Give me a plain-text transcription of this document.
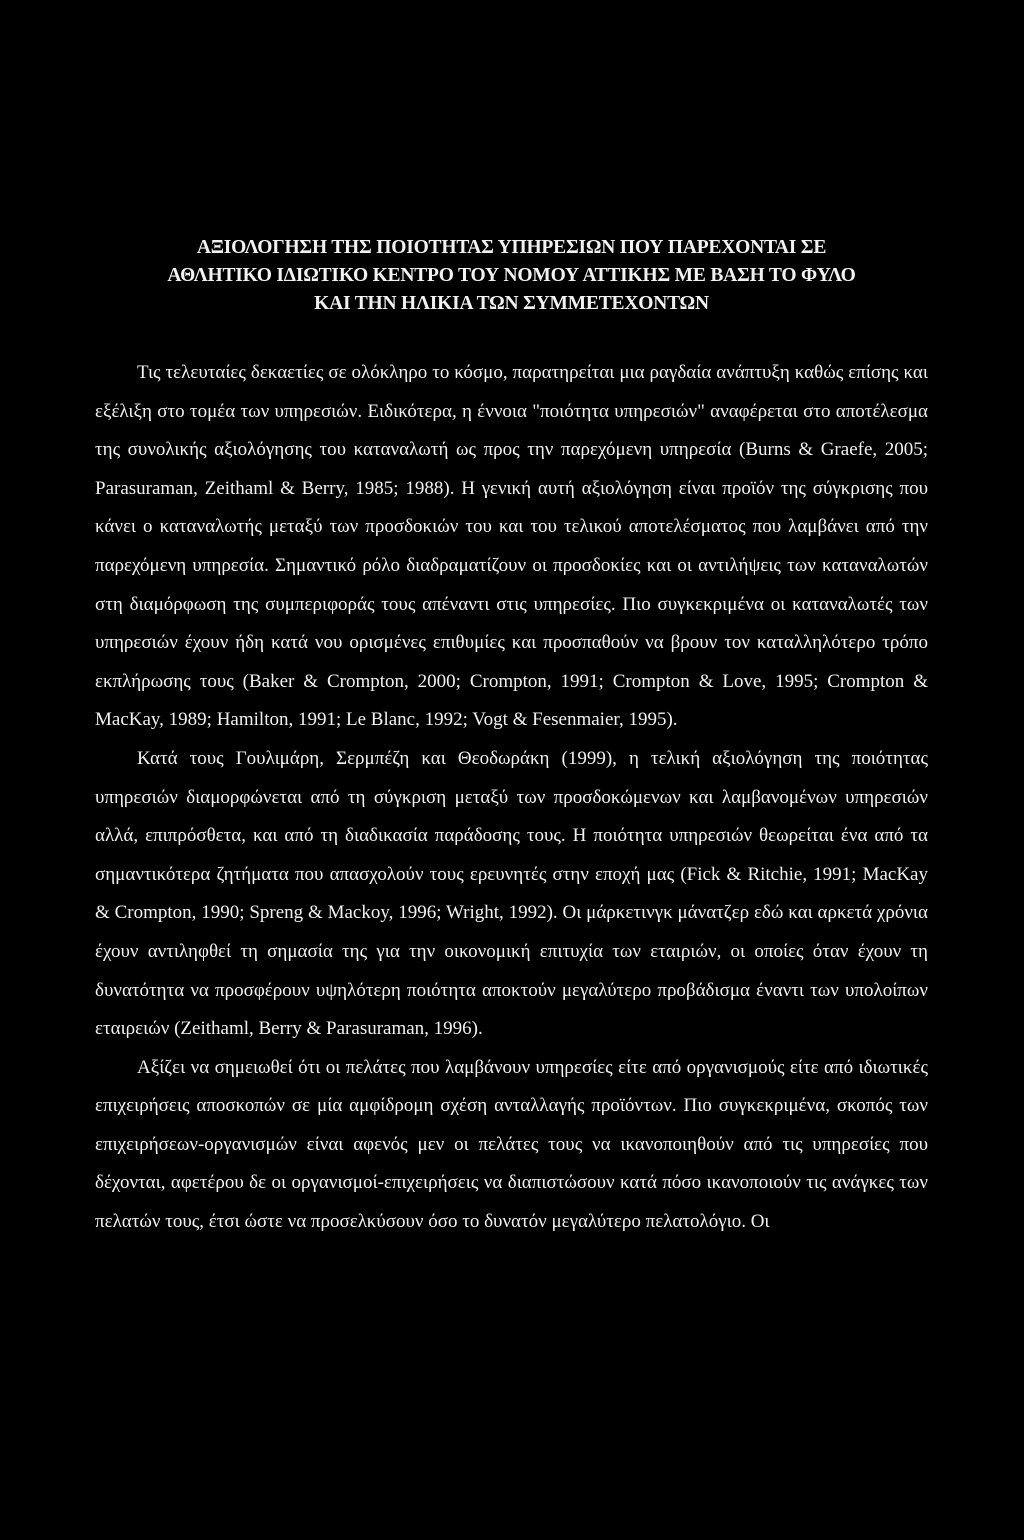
ΑΞΙΟΛΟΓΗΣΗ ΤΗΣ ΠΟΙΟΤΗΤΑΣ ΥΠΗΡΕΣΙΩΝ ΠΟΥ ΠΑΡΕΧΟΝΤΑΙ ΣΕ
ΑΘΛΗΤΙΚΟ ΙΔΙΩΤΙΚΟ ΚΕΝΤΡΟ ΤΟΥ ΝΟΜΟΥ ΑΤΤΙΚΗΣ ΜΕ ΒΑΣΗ ΤΟ ΦΥΛΟ
ΚΑΙ ΤΗΝ ΗΛΙΚΙΑ ΤΩΝ ΣΥΜΜΕΤΕΧΟΝΤΩΝ

Τις τελευταίες δεκαετίες σε ολόκληρο το κόσμο, παρατηρείται μια ραγδαία ανάπτυξη καθώς επίσης και εξέλιξη στο τομέα των υπηρεσιών. Ειδικότερα, η έννοια "ποιότητα υπηρεσιών" αναφέρεται στο αποτέλεσμα της συνολικής αξιολόγησης του καταναλωτή ως προς την παρεχόμενη υπηρεσία (Burns & Graefe, 2005; Parasuraman, Zeithaml & Berry, 1985; 1988). Η γενική αυτή αξιολόγηση είναι προϊόν της σύγκρισης που κάνει ο καταναλωτής μεταξύ των προσδοκιών του και του τελικού αποτελέσματος που λαμβάνει από την παρεχόμενη υπηρεσία. Σημαντικό ρόλο διαδραματίζουν οι προσδοκίες και οι αντιλήψεις των καταναλωτών στη διαμόρφωση της συμπεριφοράς τους απέναντι στις υπηρεσίες. Πιο συγκεκριμένα οι καταναλωτές των υπηρεσιών έχουν ήδη κατά νου ορισμένες επιθυμίες και προσπαθούν να βρουν τον καταλληλότερο τρόπο εκπλήρωσης τους (Baker & Crompton, 2000; Crompton, 1991; Crompton & Love, 1995; Crompton & MacKay, 1989; Hamilton, 1991; Le Blanc, 1992; Vogt & Fesenmaier, 1995).

Κατά τους Γουλιμάρη, Σερμπέζη και Θεοδωράκη (1999), η τελική αξιολόγηση της ποιότητας υπηρεσιών διαμορφώνεται από τη σύγκριση μεταξύ των προσδοκώμενων και λαμβανομένων υπηρεσιών αλλά, επιπρόσθετα, και από τη διαδικασία παράδοσης τους. Η ποιότητα υπηρεσιών θεωρείται ένα από τα σημαντικότερα ζητήματα που απασχολούν τους ερευνητές στην εποχή μας (Fick & Ritchie, 1991; MacKay & Crompton, 1990; Spreng & Mackoy, 1996; Wright, 1992). Οι μάρκετινγκ μάνατζερ εδώ και αρκετά χρόνια έχουν αντιληφθεί τη σημασία της για την οικονομική επιτυχία των εταιριών, οι οποίες όταν έχουν τη δυνατότητα να προσφέρουν υψηλότερη ποιότητα αποκτούν μεγαλύτερο προβάδισμα έναντι των υπολοίπων εταιρειών (Zeithaml, Berry & Parasuraman, 1996).

Αξίζει να σημειωθεί ότι οι πελάτες που λαμβάνουν υπηρεσίες είτε από οργανισμούς είτε από ιδιωτικές επιχειρήσεις αποσκοπών σε μία αμφίδρομη σχέση ανταλλαγής προϊόντων. Πιο συγκεκριμένα, σκοπός των επιχειρήσεων-οργανισμών είναι αφενός μεν οι πελάτες τους να ικανοποιηθούν από τις υπηρεσίες που δέχονται, αφετέρου δε οι οργανισμοί-επιχειρήσεις να διαπιστώσουν κατά πόσο ικανοποιούν τις ανάγκες των πελατών τους, έτσι ώστε να προσελκύσουν όσο το δυνατόν μεγαλύτερο πελατολόγιο. Οι
